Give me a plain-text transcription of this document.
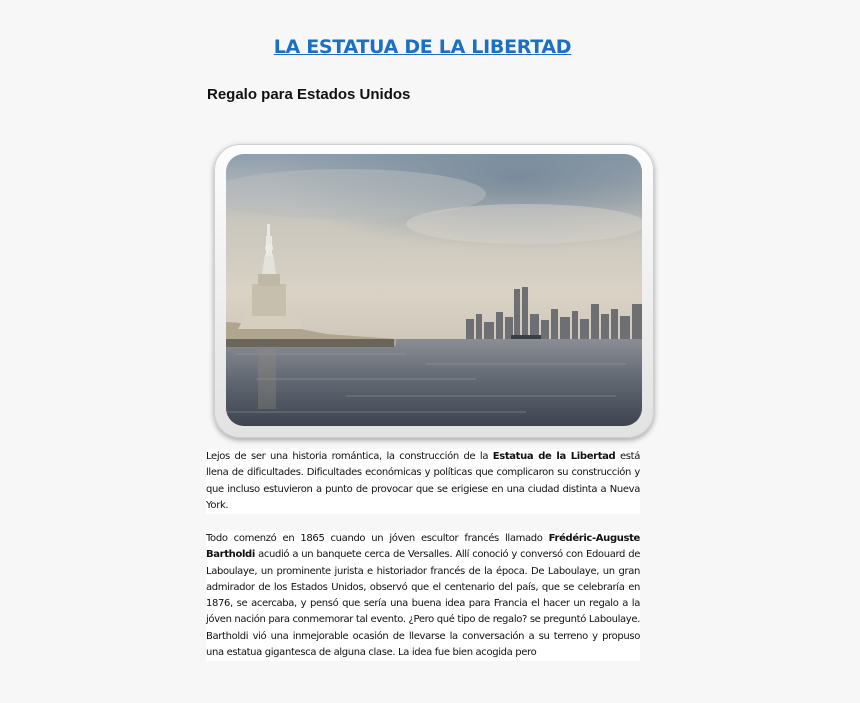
LA ESTATUA DE LA LIBERTAD
Regalo para Estados Unidos
Lejos de ser una historia romántica, la construcción de la Estatua de la Libertad está llena de dificultades. Dificultades económicas y políticas que complicaron su construcción y que incluso estuvieron a punto de provocar que se erigiese en una ciudad distinta a Nueva York.
Todo comenzó en 1865 cuando un jóven escultor francés llamado Frédéric-Auguste Bartholdi acudió a un banquete cerca de Versalles. Allí conoció y conversó con Edouard de Laboulaye, un prominente jurista e historiador francés de la época. De Laboulaye, un gran admirador de los Estados Unidos, observó que el centenario del país, que se celebraría en 1876, se acercaba, y pensó que sería una buena idea para Francia el hacer un regalo a la jóven nación para conmemorar tal evento. ¿Pero qué tipo de regalo? se preguntó Laboulaye. Bartholdi vió una inmejorable ocasión de llevarse la conversación a su terreno y propuso una estatua gigantesca de alguna clase. La idea fue bien acogida pero
